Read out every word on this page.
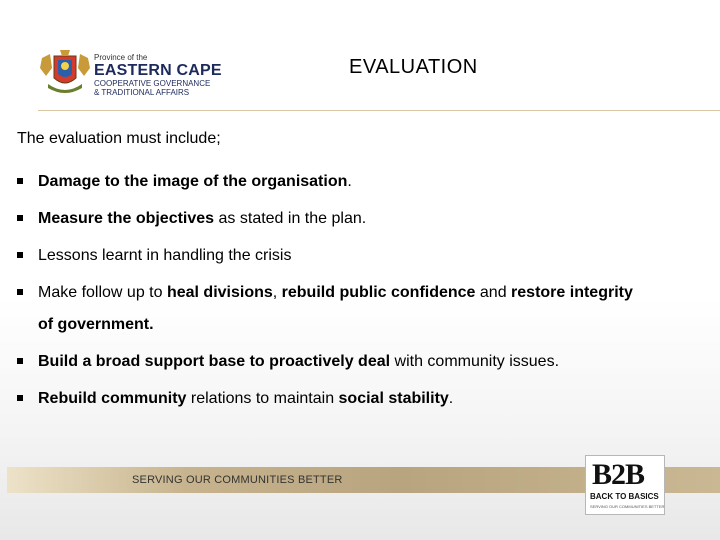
Province of the
EASTERN CAPE
COOPERATIVE GOVERNANCE
& TRADITIONAL AFFAIRS
EVALUATION
The evaluation must include;
Damage to the image of the organisation.
Measure the objectives as stated in the plan.
Lessons learnt in handling the crisis
Make follow up to heal divisions, rebuild public confidence and restore integrity
of government.
Build a broad support base to proactively deal with community issues.
Rebuild community relations to maintain social stability.
SERVING OUR COMMUNITIES BETTER	B2B
BACK TO BASICS
SERVING OUR COMMUNITIES BETTER
